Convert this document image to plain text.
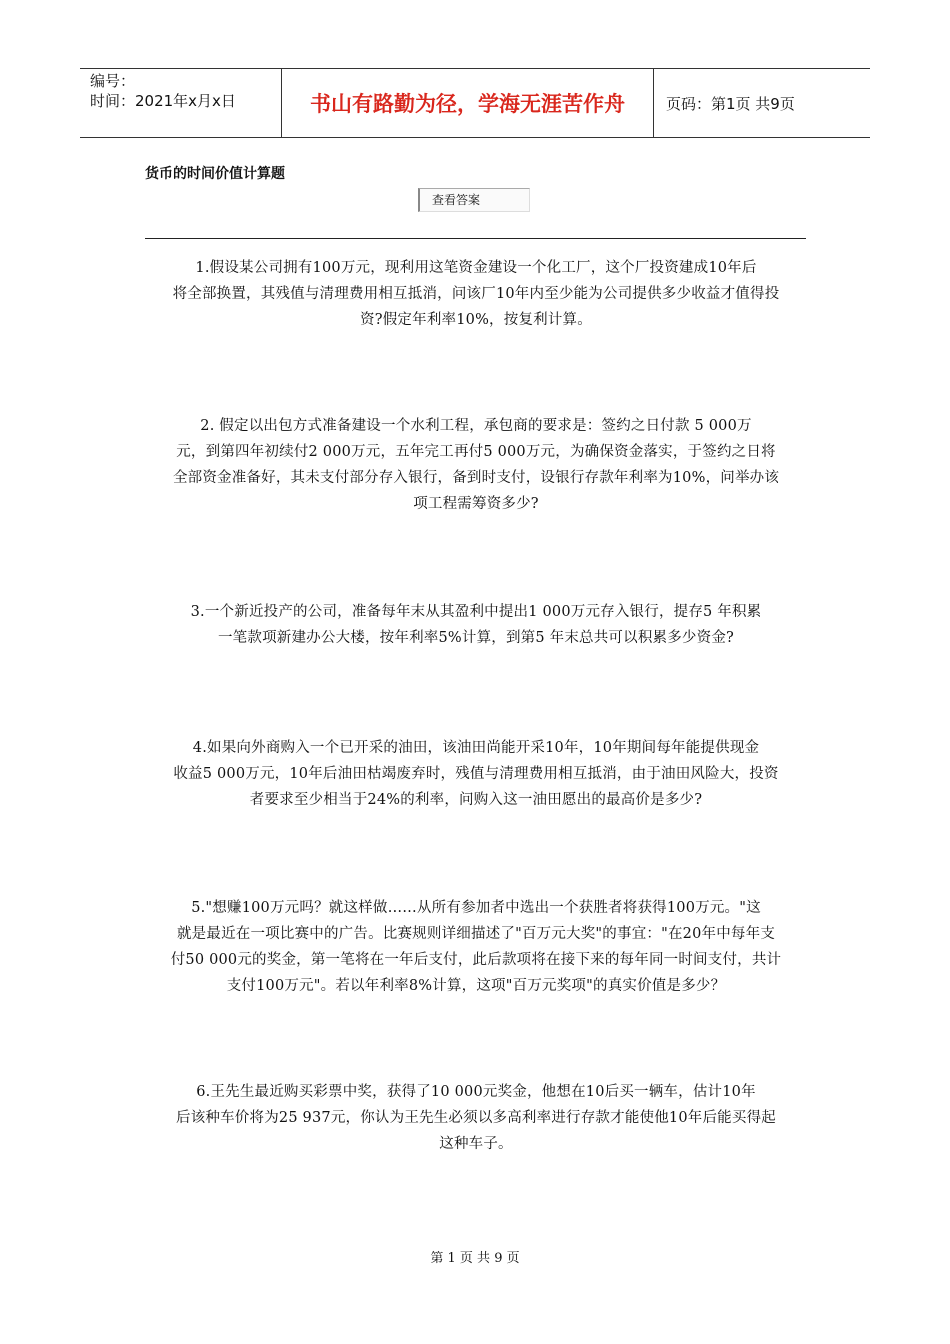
编号：
时间：2021年x月x日	书山有路勤为径，学海无涯苦作舟	页码：第1页 共9页
货币的时间价值计算题
查看答案
1.假设某公司拥有100万元，现利用这笔资金建设一个化工厂，这个厂投资建成10年后
将全部换置，其残值与清理费用相互抵消，问该厂10年内至少能为公司提供多少收益才值得投
资?假定年利率10%，按复利计算。
2. 假定以出包方式准备建设一个水利工程，承包商的要求是：签约之日付款 5 000万
元，到第四年初续付2 000万元，五年完工再付5 000万元，为确保资金落实，于签约之日将
全部资金准备好，其未支付部分存入银行，备到时支付，设银行存款年利率为10%，问举办该
项工程需筹资多少?
3.一个新近投产的公司，准备每年末从其盈利中提出1 000万元存入银行，提存5 年积累
一笔款项新建办公大楼，按年利率5%计算，到第5 年末总共可以积累多少资金?
4.如果向外商购入一个已开采的油田，该油田尚能开采10年，10年期间每年能提供现金
收益5 000万元，10年后油田枯竭废弃时，残值与清理费用相互抵消，由于油田风险大，投资
者要求至少相当于24%的利率，问购入这一油田愿出的最高价是多少?
5."想赚100万元吗？就这样做……从所有参加者中选出一个获胜者将获得100万元。"这
就是最近在一项比赛中的广告。比赛规则详细描述了"百万元大奖"的事宜："在20年中每年支
付50 000元的奖金，第一笔将在一年后支付，此后款项将在接下来的每年同一时间支付，共计
支付100万元"。若以年利率8%计算，这项"百万元奖项"的真实价值是多少？
6.王先生最近购买彩票中奖，获得了10 000元奖金，他想在10后买一辆车，估计10年
后该种车价将为25 937元，你认为王先生必须以多高利率进行存款才能使他10年后能买得起
这种车子。
第 1 页 共 9 页
